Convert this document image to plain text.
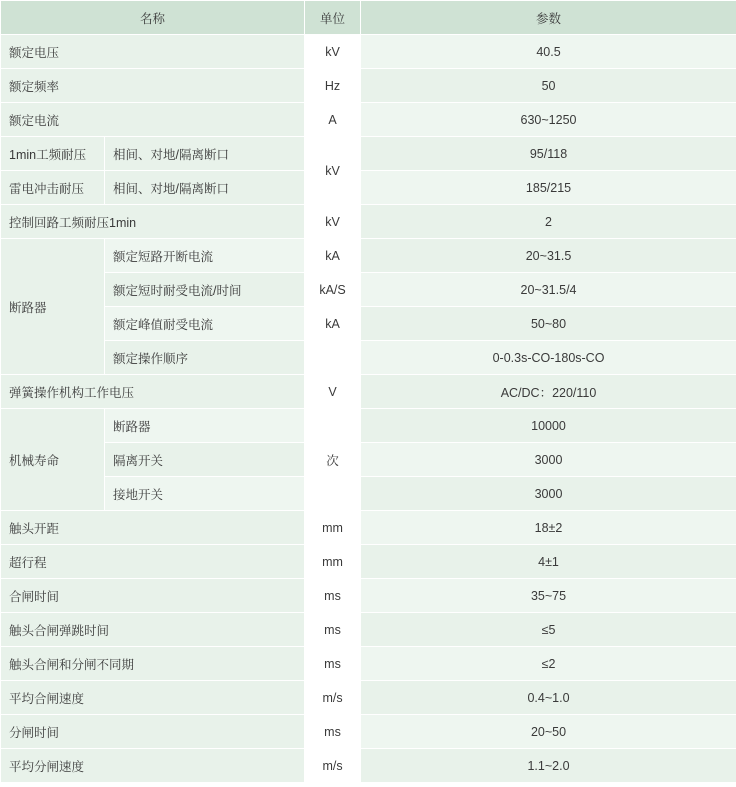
名称		单位	参数
额定电压		kV	40.5
额定频率		Hz	50
额定电流		A	630~1250
1min工频耐压	相间、对地/隔离断口	kV	95/118
雷电冲击耐压	相间、对地/隔离断口		185/215
控制回路工频耐压1min		kV	2
断路器	额定短路开断电流	kA	20~31.5
	额定短时耐受电流/时间	kA/S	20~31.5/4
	额定峰值耐受电流	kA	50~80
	额定操作顺序		0-0.3s-CO-180s-CO
弹簧操作机构工作电压		V	AC/DC：220/110
机械寿命	断路器	次	10000
	隔离开关		3000
	接地开关		3000
触头开距		mm	18±2
超行程		mm	4±1
合闸时间		ms	35~75
触头合闸弹跳时间		ms	≤5
触头合闸和分闸不同期		ms	≤2
平均合闸速度		m/s	0.4~1.0
分闸时间		ms	20~50
平均分闸速度		m/s	1.1~2.0
